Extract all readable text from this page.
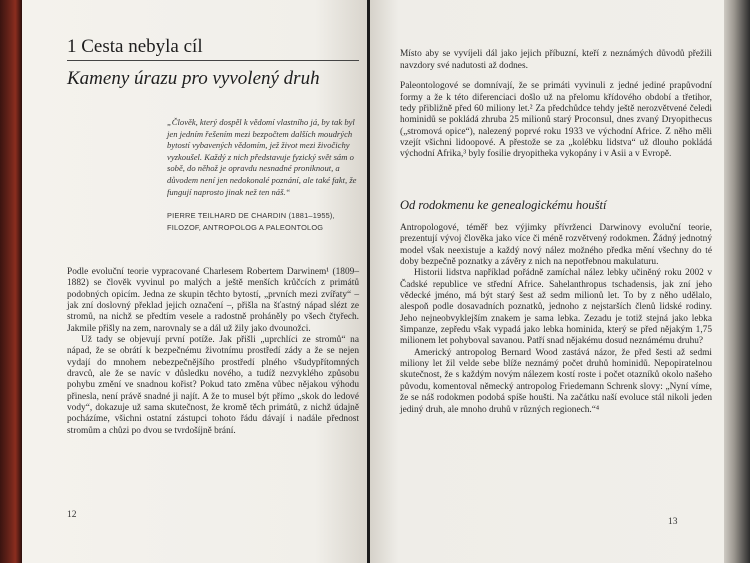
1 Cesta nebyla cíl
Kameny úrazu pro vyvolený druh
„Člověk, který dospěl k vědomí vlastního já, by tak byl jen jedním řešením mezi bezpočtem dalších moudrých bytostí vybavených vědomím, jež život mezi živočichy vyzkoušel. Každý z nich představuje fyzický svět sám o sobě, do něhož je opravdu nesnadné proniknout, a důvodem není jen nedokonalé poznání, ale také fakt, že fungují naprosto jinak než ten náš.“
PIERRE TEILHARD DE CHARDIN (1881–1955), FILOZOF, ANTROPOLOG A PALEONTOLOG

Podle evoluční teorie vypracované Charlesem Robertem Darwinem¹ (1809–1882) se člověk vyvinul po malých a ještě menších krůčcích z primátů podobných opicím. Jedna ze skupin těchto bytostí, „prvních mezi zvířaty“ – jak zní doslovný překlad jejich označení –, přišla na šťastný nápad slézt ze stromů, na nichž se předtím vesele a radostně proháněly po všech čtyřech. Jakmile přišly na zem, narovnaly se a dál už žily jako dvounožci.

Už tady se objevují první potíže. Jak přišli „uprchlíci ze stromů“ na nápad, že se obrátí k bezpečnému životnímu prostředí zády a že se nejen vydají do mnohem nebezpečnějšího prostředí plného všudypřítomných dravců, ale že se navíc v důsledku nového, a tudíž nezvyklého způsobu pohybu změní ve snadnou kořist? Pokud tato změna vůbec nějakou výhodu přinesla, není právě snadné ji najít. A že to musel být přímo „skok do ledové vody“, dokazuje už sama skutečnost, že kromě těch primátů, z nichž údajně pocházíme, všichni ostatní zástupci tohoto řádu dávají i nadále přednost stromům a chůzi po dvou se tvrdošíjně brání.

12

Místo aby se vyvíjeli dál jako jejich příbuzní, kteří z neznámých důvodů přežili navzdory své nadutosti až dodnes.

Paleontologové se domnívají, že se primáti vyvinuli z jedné jediné prapůvodní formy a že k této diferenciaci došlo už na přelomu křídového období a třetihor, tedy přibližně před 60 miliony let.² Za předchůdce tehdy ještě nerozvětvené čeledi hominidů se pokládá zhruba 25 milionů starý Proconsul, dnes zvaný Dryopithecus („stromová opice“), nalezený poprvé roku 1933 ve východní Africe. Z něho měli vzejít všichni lidoopové. A přestože se za „kolébku lidstva“ už dlouho pokládá východní Afrika,³ byly fosilie dryopitheka vykopány i v Asii a v Evropě.

Od rodokmenu ke genealogickému houští

Antropologové, téměř bez výjimky přívrženci Darwinovy evoluční teorie, prezentují vývoj člověka jako více či méně rozvětvený rodokmen. Žádný jednotný model však neexistuje a každý nový nález možného předka mění všechny do té doby bezpečně poznatky a závěry z nich na nepotřebnou makulaturu.

Historii lidstva například pořádně zamíchal nález lebky učiněný roku 2002 v Čadské republice ve střední Africe. Sahelanthropus tschadensis, jak zní jeho vědecké jméno, má být starý šest až sedm milionů let. To by z něho udělalo, alespoň podle dosavadních poznatků, jednoho z nejstarších členů lidské rodiny. Jeho nejneobvyklejším znakem je sama lebka. Zezadu je totiž stejná jako lebka šimpanze, zepředu však vypadá jako lebka hominida, který se před nějakým 1,75 milionem let pohyboval savanou. Patří snad nějakému dosud neznámému druhu?

Americký antropolog Bernard Wood zastává názor, že před šesti až sedmi miliony let žil velde sebe blíže neznámý počet druhů hominidů. Nepopiratelnou skutečnost, že s každým novým nálezem kostí roste i počet otazníků okolo našeho původu, komentoval německý antropolog Friedemann Schrenk slovy: „Nyní víme, že se náš rodokmen podobá spíše houšti. Na začátku naší evoluce stál nikoli jeden jediný druh, ale mnoho druhů v různých regionech.“⁴

13
